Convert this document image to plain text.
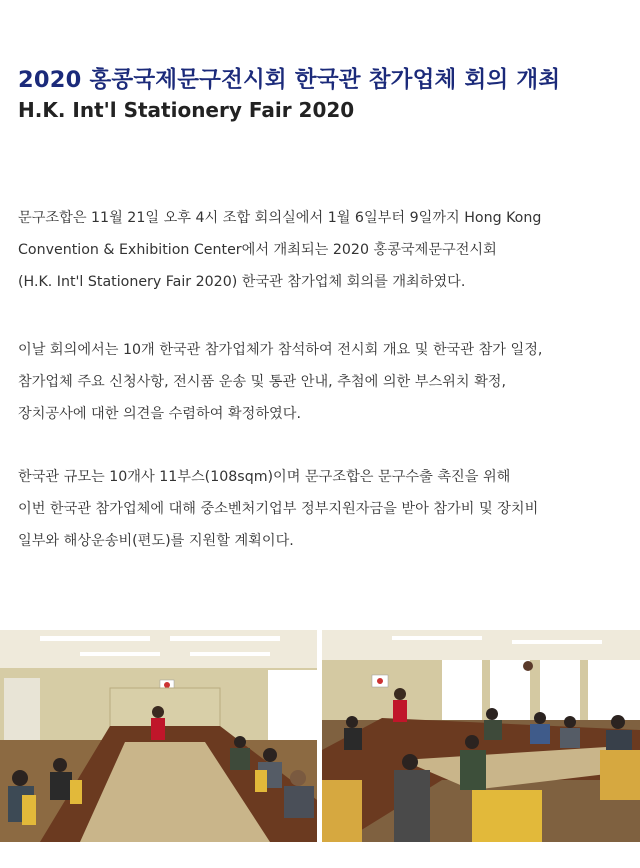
2020 홍콩국제문구전시회 한국관 참가업체 회의 개최
H.K. Int'l Stationery Fair 2020

문구조합은 11월 21일 오후 4시 조합 회의실에서 1월 6일부터 9일까지 Hong Kong
Convention & Exhibition Center에서 개최되는 2020 홍콩국제문구전시회
(H.K. Int'l Stationery Fair 2020) 한국관 참가업체 회의를 개최하였다.

이날 회의에서는 10개 한국관 참가업체가 참석하여 전시회 개요 및 한국관 참가 일정,
참가업체 주요 신청사항, 전시품 운송 및 통관 안내, 추첨에 의한 부스위치 확정,
장치공사에 대한 의견을 수렴하여 확정하였다.

한국관 규모는 10개사 11부스(108sqm)이며 문구조합은 문구수출 촉진을 위해
이번 한국관 참가업체에 대해 중소벤처기업부 정부지원자금을 받아 참가비 및 장치비
일부와 해상운송비(편도)를 지원할 계획이다.
